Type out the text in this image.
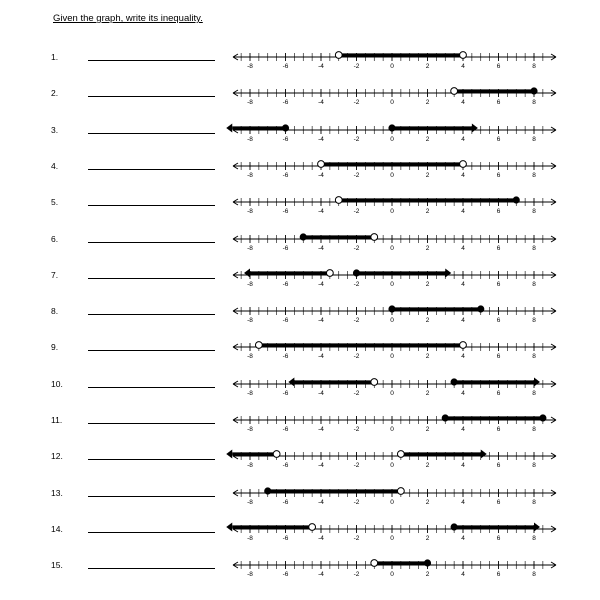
Given the graph, write its inequality.
1.
2.
3.
4.
5.
6.
7.
8.
9.
10.
11.
12.
13.
14.
15.
-8	-6	-4	-2	0	2	4	6	8
-8	-6	-4	-2	0	2	4	6	8
-8	-6	-4	-2	0	2	4	6	8
-8	-6	-4	-2	0	2	4	6	8
-8	-6	-4	-2	0	2	4	6	8
-8	-6	-4	-2	0	2	4	6	8
-8	-6	-4	-2	0	2	4	6	8
-8	-6	-4	-2	0	2	4	6	8
-8	-6	-4	-2	0	2	4	6	8
-8	-6	-4	-2	0	2	4	6	8
-8	-6	-4	-2	0	2	4	6	8
-8	-6	-4	-2	0	2	4	6	8
-8	-6	-4	-2	0	2	4	6	8
-8	-6	-4	-2	0	2	4	6	8
-8	-6	-4	-2	0	2	4	6	8
